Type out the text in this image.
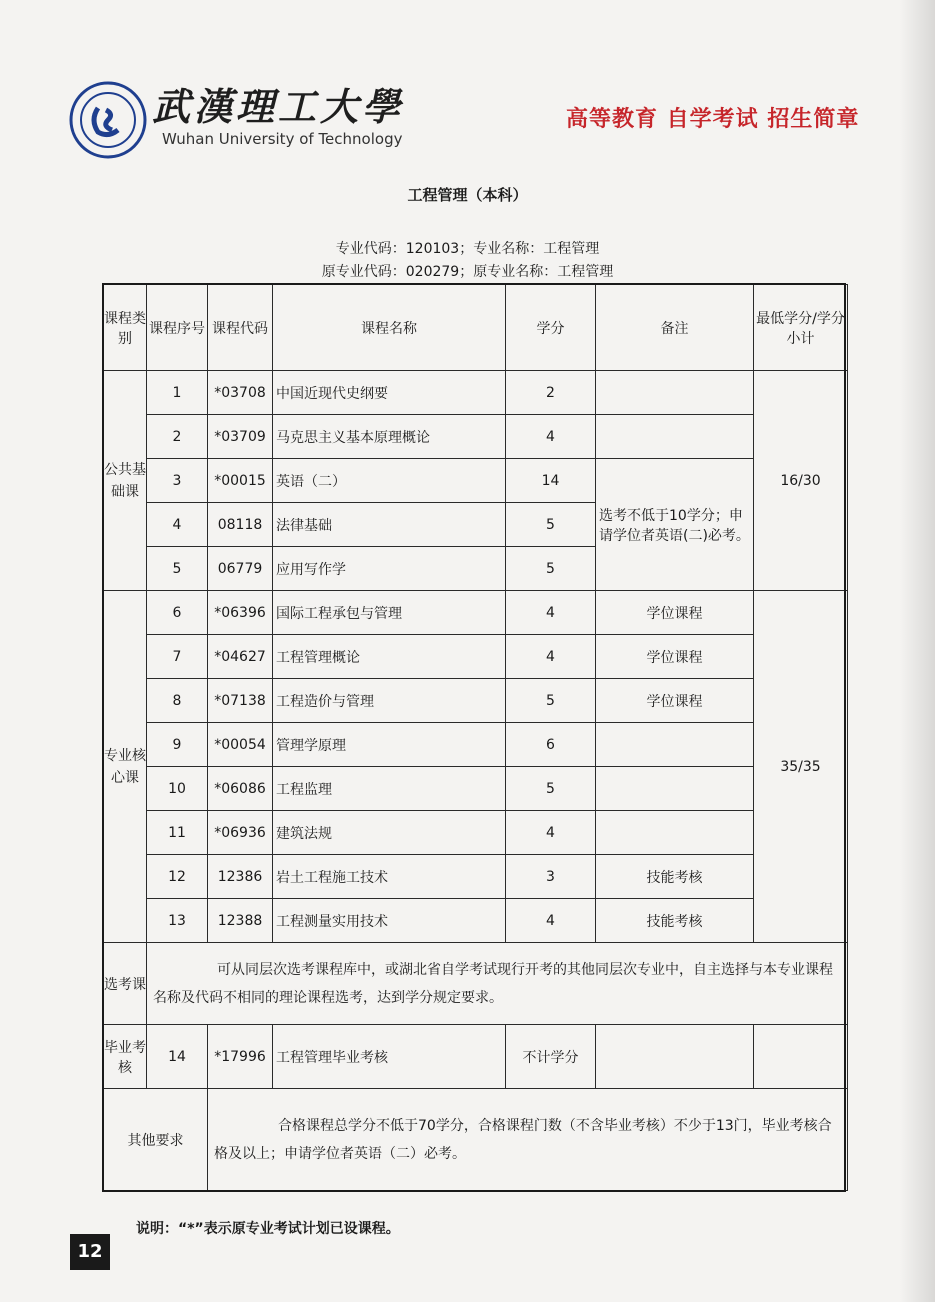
武漢理工大學
Wuhan University of Technology
高等教育 自学考试 招生简章
工程管理（本科）
专业代码：120103；专业名称：工程管理
原专业代码：020279；原专业名称：工程管理
课程类别	课程序号	课程代码	课程名称	学分	备注	最低学分/学分小计
公共基础课	1	*03708	中国近现代史纲要	2		16/30
	2	*03709	马克思主义基本原理概论	4		
	3	*00015	英语（二）	14	选考不低于10学分；申请学位者英语(二)必考。	
	4	08118	法律基础	5		
	5	06779	应用写作学	5		
专业核心课	6	*06396	国际工程承包与管理	4	学位课程	35/35
	7	*04627	工程管理概论	4	学位课程	
	8	*07138	工程造价与管理	5	学位课程	
	9	*00054	管理学原理	6		
	10	*06086	工程监理	5		
	11	*06936	建筑法规	4		
	12	12386	岩土工程施工技术	3	技能考核	
	13	12388	工程测量实用技术	4	技能考核	
选考课	可从同层次选考课程库中，或湖北省自学考试现行开考的其他同层次专业中，自主选择与本专业课程名称及代码不相同的理论课程选考，达到学分规定要求。					
毕业考核	14	*17996	工程管理毕业考核	不计学分		
其他要求		合格课程总学分不低于70学分，合格课程门数（不含毕业考核）不少于13门，毕业考核合格及以上；申请学位者英语（二）必考。				
说明：“*”表示原专业考试计划已设课程。
12
